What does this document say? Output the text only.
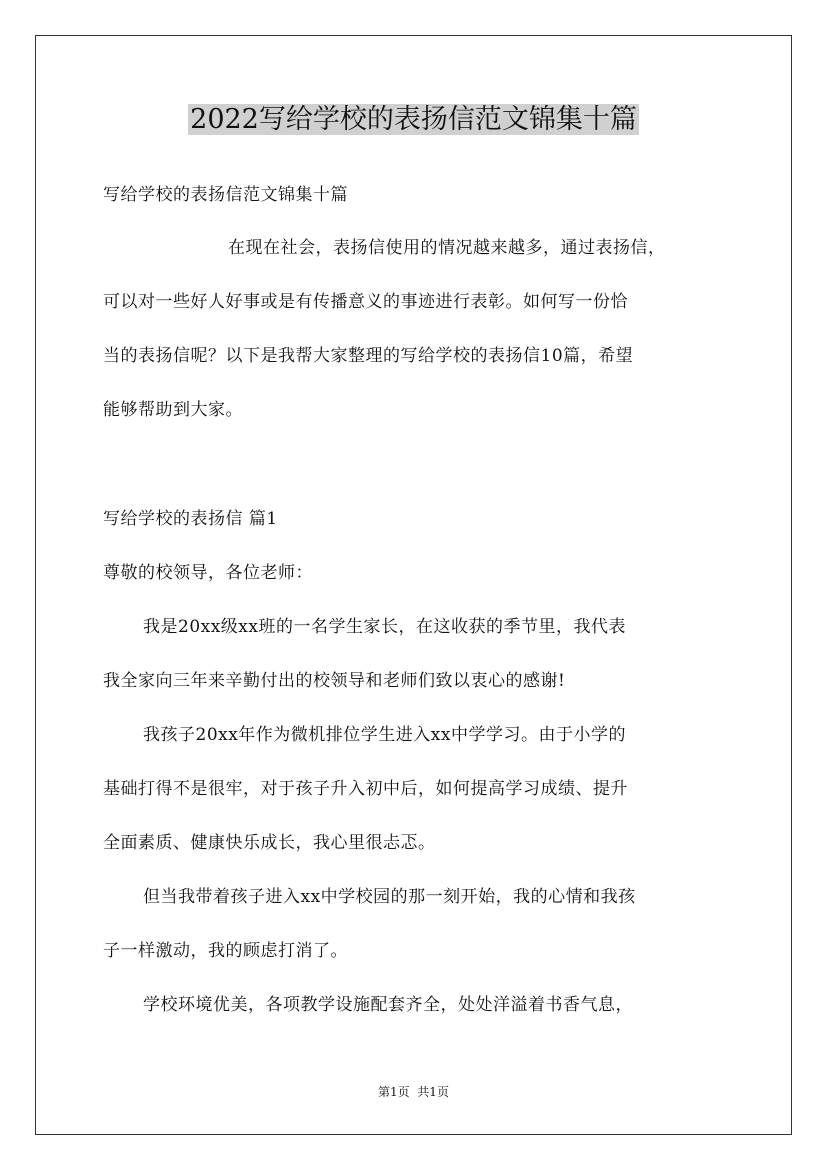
2022写给学校的表扬信范文锦集十篇
写给学校的表扬信范文锦集十篇
在现在社会，表扬信使用的情况越来越多，通过表扬信，
可以对一些好人好事或是有传播意义的事迹进行表彰。如何写一份恰
当的表扬信呢？以下是我帮大家整理的写给学校的表扬信10篇，希望
能够帮助到大家。
写给学校的表扬信 篇1
尊敬的校领导，各位老师：
我是20xx级xx班的一名学生家长，在这收获的季节里，我代表
我全家向三年来辛勤付出的校领导和老师们致以衷心的感谢!
我孩子20xx年作为微机排位学生进入xx中学学习。由于小学的
基础打得不是很牢，对于孩子升入初中后，如何提高学习成绩、提升
全面素质、健康快乐成长，我心里很忐忑。
但当我带着孩子进入xx中学校园的那一刻开始，我的心情和我孩
子一样激动，我的顾虑打消了。
学校环境优美，各项教学设施配套齐全，处处洋溢着书香气息，
第1页  共1页
